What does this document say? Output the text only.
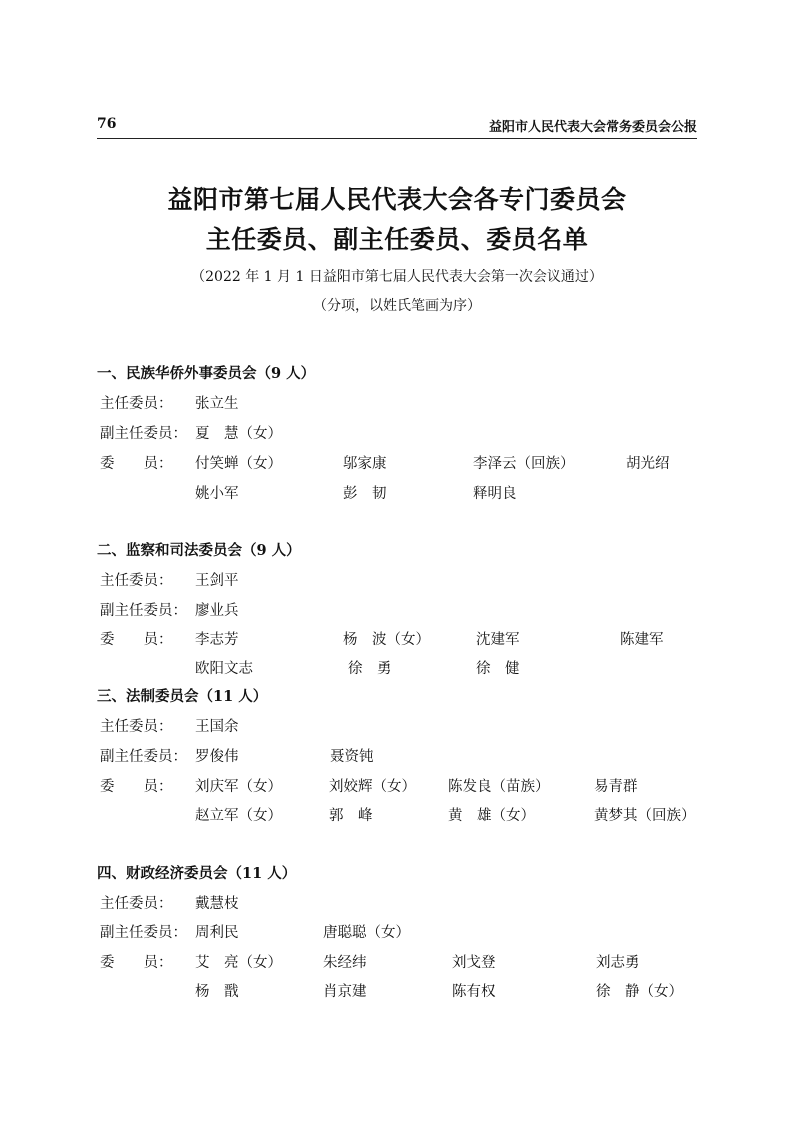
76	益阳市人民代表大会常务委员会公报
益阳市第七届人民代表大会各专门委员会
主任委员、副主任委员、委员名单
（2022 年 1 月 1 日益阳市第七届人民代表大会第一次会议通过）
（分项，以姓氏笔画为序）
一、民族华侨外事委员会（9 人）
主任委员： 张立生
副主任委员： 夏　慧（女）
委　　员： 付笑蝉（女）	邬家康	李泽云（回族）	胡光绍
姚小军	彭　韧	释明良
二、监察和司法委员会（9 人）
主任委员： 王剑平
副主任委员： 廖业兵
委　　员： 李志芳	杨　波（女）	沈建军	陈建军
欧阳文志	徐　勇	徐　健
三、法制委员会（11 人）
主任委员： 王国余
副主任委员： 罗俊伟	聂资钝
委　　员： 刘庆军（女）	刘姣辉（女） 陈发良（苗族）	易青群
赵立军（女）	郭　峰	黄　雄（女）	黄梦其（回族）
四、财政经济委员会（11 人）
主任委员： 戴慧枝
副主任委员： 周利民	唐聪聪（女）
委　　员： 艾　亮（女）	朱经纬	刘戈登	刘志勇
杨　戬	肖京建	陈有权	徐　静（女）
